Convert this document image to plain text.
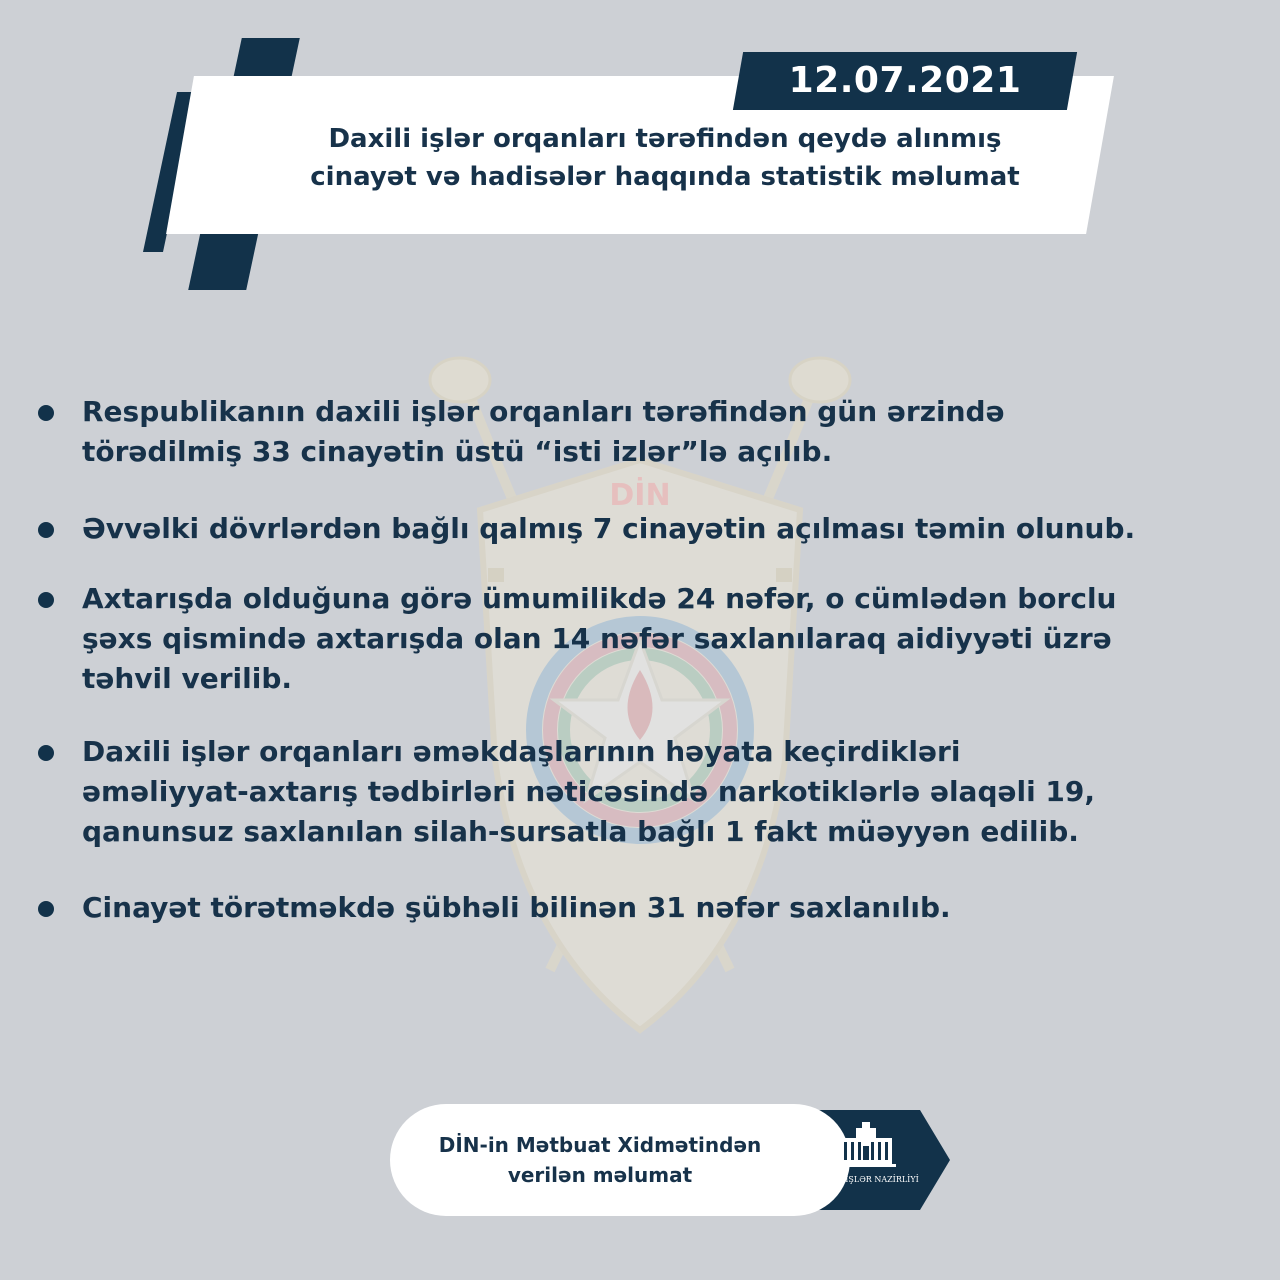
12.07.2021
Daxili işlər orqanları tərəfindən qeydə alınmış
cinayət və hadisələr haqqında statistik məlumat
DİN
Respublikanın daxili işlər orqanları tərəfindən gün ərzində
törədilmiş 33 cinayətin üstü “isti izlər”lə açılıb.
Əvvəlki dövrlərdən bağlı qalmış 7 cinayətin açılması təmin olunub.
Axtarışda olduğuna görə ümumilikdə 24 nəfər, o cümlədən borclu
şəxs qismində axtarışda olan 14 nəfər saxlanılaraq aidiyyəti üzrə
təhvil verilib.
Daxili işlər orqanları əməkdaşlarının həyata keçirdikləri
əməliyyat-axtarış tədbirləri nəticəsində narkotiklərlə əlaqəli 19,
qanunsuz saxlanılan silah-sursatla bağlı 1 fakt müəyyən edilib.
Cinayət törətməkdə şübhəli bilinən 31 nəfər saxlanılıb.
DAXİLİ İŞLƏR NAZİRLİYİ
DİN-in Mətbuat Xidmətindən
verilən məlumat
